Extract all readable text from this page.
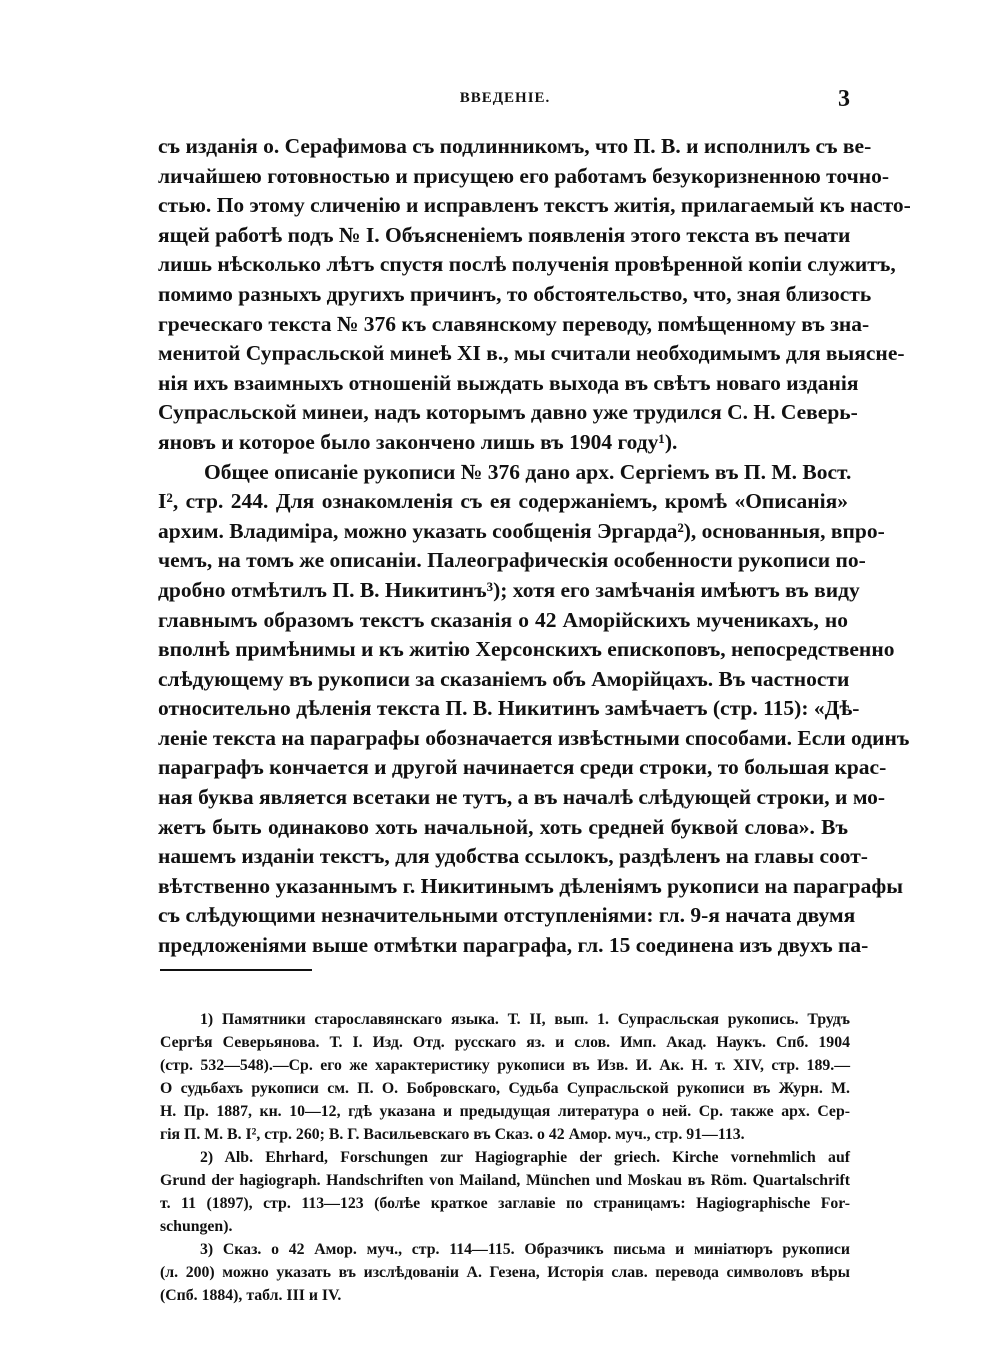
ВВЕДЕНІЕ.	3
съ изданія о. Серафимова съ подлинникомъ, что П. В. и исполнилъ съ ве-
личайшею готовностью и присущею его работамъ безукоризненною точно-
стью. По этому сличенію и исправленъ текстъ житія, прилагаемый къ насто-
ящей работѣ подъ № I. Объясненіемъ появленія этого текста въ печати
лишь нѣсколько лѣтъ спустя послѣ полученія провѣренной копіи служитъ,
помимо разныхъ другихъ причинъ, то обстоятельство, что, зная близость
греческаго текста № 376 къ славянскому переводу, помѣщенному въ зна-
менитой Супрасльской минеѣ XI в., мы считали необходимымъ для выясне-
нія ихъ взаимныхъ отношеній выждать выхода въ свѣтъ новаго изданія
Супрасльской минеи, надъ которымъ давно уже трудился С. Н. Северь-
яновъ и которое было закончено лишь въ 1904 году¹).
Общее описаніе рукописи № 376 дано арх. Сергіемъ въ П. М. Вост.
I², стр. 244. Для ознакомленія съ ея содержаніемъ, кромѣ «Описанія»
архим. Владиміра, можно указать сообщенія Эргарда²), основанныя, впро-
чемъ, на томъ же описаніи. Палеографическія особенности рукописи по-
дробно отмѣтилъ П. В. Никитинъ³); хотя его замѣчанія имѣютъ въ виду
главнымъ образомъ текстъ сказанія о 42 Аморійскихъ мученикахъ, но
вполнѣ примѣнимы и къ житію Херсонскихъ епископовъ, непосредственно
слѣдующему въ рукописи за сказаніемъ объ Аморійцахъ. Въ частности
относительно дѣленія текста П. В. Никитинъ замѣчаетъ (стр. 115): «Дѣ-
леніе текста на параграфы обозначается извѣстными способами. Если одинъ
параграфъ кончается и другой начинается среди строки, то большая крас-
ная буква является всетаки не тутъ, а въ началѣ слѣдующей строки, и мо-
жетъ быть одинаково хоть начальной, хоть средней буквой слова». Въ
нашемъ изданіи текстъ, для удобства ссылокъ, раздѣленъ на главы соот-
вѣтственно указаннымъ г. Никитинымъ дѣленіямъ рукописи на параграфы
съ слѣдующими незначительными отступленіями: гл. 9-я начата двумя
предложеніями выше отмѣтки параграфа, гл. 15 соединена изъ двухъ па-
1) Памятники старославянскаго языка. Т. II, вып. 1. Супрасльская рукопись. Трудъ
Сергѣя Северьянова. Т. I. Изд. Отд. русскаго яз. и слов. Имп. Акад. Наукъ. Спб. 1904
(стр. 532—548).—Ср. его же характеристику рукописи въ Изв. И. Ак. Н. т. XIV, стр. 189.—
О судьбахъ рукописи см. П. О. Бобровскаго, Судьба Супрасльской рукописи въ Журн. М.
Н. Пр. 1887, кн. 10—12, гдѣ указана и предыдущая литература о ней. Ср. также арх. Сер-
гія П. М. В. I², стр. 260; В. Г. Васильевскаго въ Сказ. о 42 Амор. муч., стр. 91—113.
2) Alb. Ehrhard, Forschungen zur Hagiographie der griech. Kirche vornehmlich auf
Grund der hagiograph. Handschriften von Mailand, München und Moskau въ Röm. Quartalschrift
т. 11 (1897), стр. 113—123 (болѣе краткое заглавіе по страницамъ: Hagiographische For-
schungen).
3) Сказ. о 42 Амор. муч., стр. 114—115. Образчикъ письма и миніатюръ рукописи
(л. 200) можно указать въ изслѣдованіи А. Гезена, Исторія слав. перевода символовъ вѣры
(Спб. 1884), табл. III и IV.
